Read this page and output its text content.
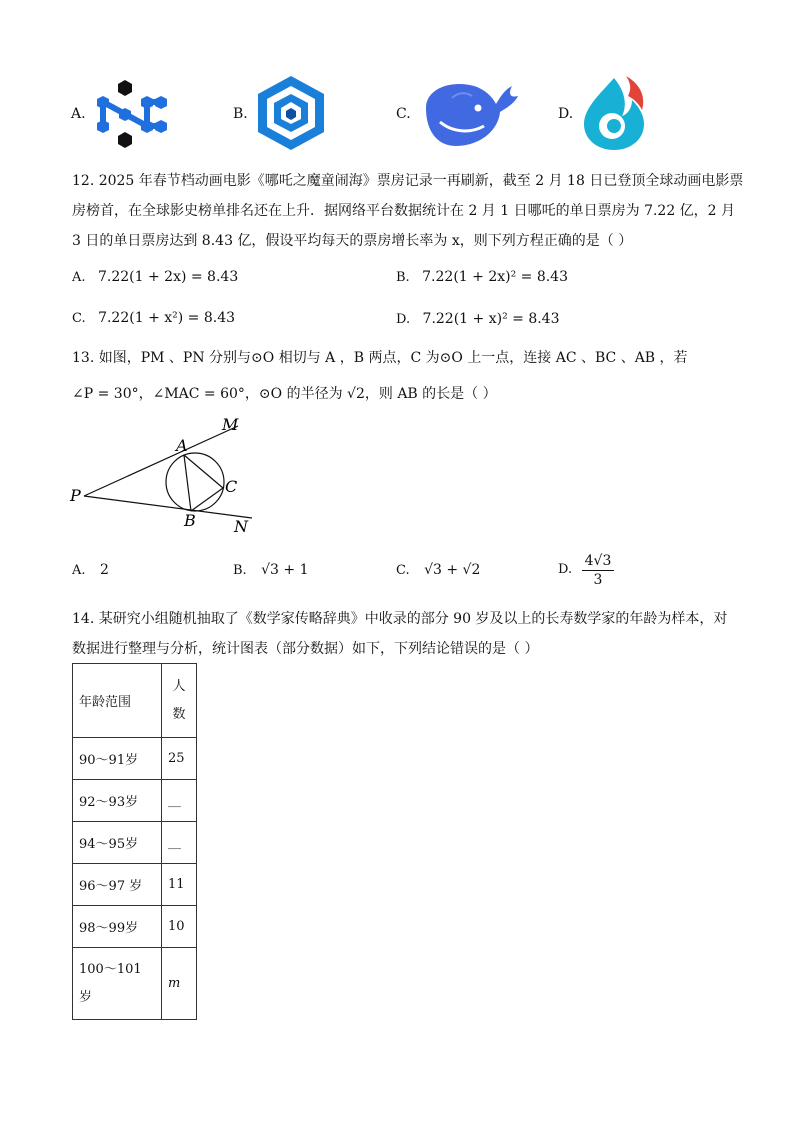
A.	B.	C.	D.
12. 2025 年春节档动画电影《哪吒之魔童闹海》票房记录一再刷新，截至 2 月 18 日已登顶全球动画电影票
房榜首，在全球影史榜单排名还在上升．据网络平台数据统计在 2 月 1 日哪吒的单日票房为 7.22 亿，2 月
3 日的单日票房达到 8.43 亿，假设平均每天的票房增长率为 x，则下列方程正确的是（ ）
A. 7.22(1 + 2x) = 8.43	B. 7.22(1 + 2x)² = 8.43
C. 7.22(1 + x²) = 8.43	D. 7.22(1 + x)² = 8.43
13. 如图，PM 、PN 分别与⊙O 相切与 A ，B 两点，C 为⊙O 上一点，连接 AC 、BC 、AB ，若
∠P = 30°，∠MAC = 60°，⊙O 的半径为 √2，则 AB 的长是（ ）
P
A
M
C
B N
A. 2	B. √3 + 1	C. √3 + √2	D. $\frac{4√3}{3}$
14. 某研究小组随机抽取了《数学家传略辞典》中收录的部分 90 岁及以上的长寿数学家的年龄为样本，对
数据进行整理与分析，统计图表（部分数据）如下，下列结论错误的是（ ）
年龄范围	人
数
90～91岁	25
92～93岁	__
94～95岁	__
96～97 岁	11
98～99岁	10
100～101
岁	m
